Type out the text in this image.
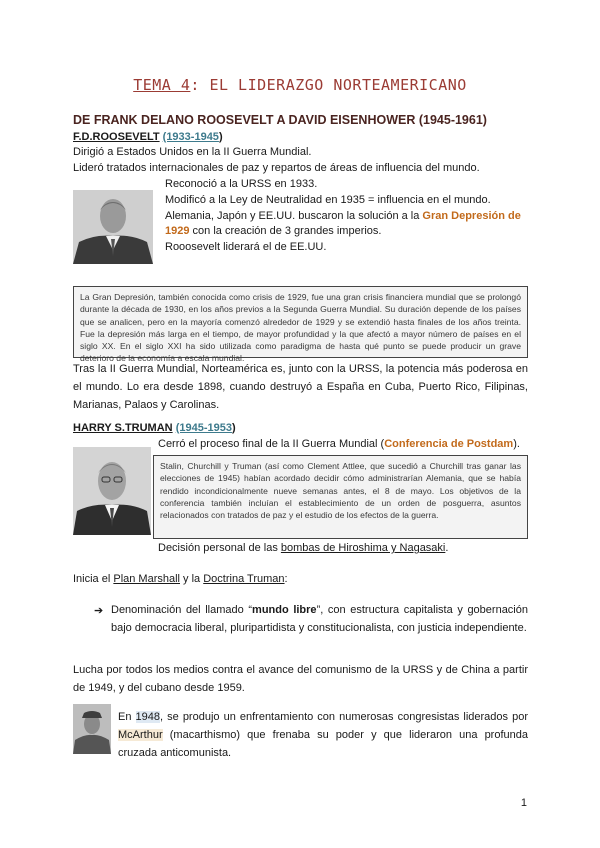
TEMA 4: EL LIDERAZGO NORTEAMERICANO
DE FRANK DELANO ROOSEVELT A DAVID EISENHOWER (1945-1961)
F.D.ROOSEVELT (1933-1945)
Dirigió a Estados Unidos en la II Guerra Mundial.
Lideró tratados internacionales de paz y repartos de áreas de influencia del mundo.
Reconoció a la URSS en 1933.
Modificó a la Ley de Neutralidad en 1935 = influencia en el mundo.
Alemania, Japón y EE.UU. buscaron la solución a la Gran Depresión de
1929 con la creación de 3 grandes imperios.
Rooosevelt liderará el de EE.UU.
La Gran Depresión, también conocida como crisis de 1929, fue una gran crisis financiera mundial que se prolongó durante la década de 1930, en los años previos a la Segunda Guerra Mundial. Su duración depende de los países que se analicen, pero en la mayoría comenzó alrededor de 1929 y se extendió hasta finales de los años treinta. Fue la depresión más larga en el tiempo, de mayor profundidad y la que afectó a mayor número de países en el siglo XX. En el siglo XXI ha sido utilizada como paradigma de hasta qué punto se puede producir un grave deterioro de la economía a escala mundial.
Tras la II Guerra Mundial, Norteamérica es, junto con la URSS, la potencia más poderosa en el mundo. Lo era desde 1898, cuando destruyó a España en Cuba, Puerto Rico, Filipinas, Marianas, Palaos y Carolinas.
HARRY S.TRUMAN (1945-1953)
Cerró el proceso final de la II Guerra Mundial (Conferencia de Postdam).
Stalin, Churchill y Truman (así como Clement Attlee, que sucedió a Churchill tras ganar las elecciones de 1945) habían acordado decidir cómo administrarían Alemania, que se había rendido incondicionalmente nueve semanas antes, el 8 de mayo. Los objetivos de la conferencia también incluían el establecimiento de un orden de posguerra, asuntos relacionados con tratados de paz y el estudio de los efectos de la guerra.
Decisión personal de las bombas de Hiroshima y Nagasaki.
Inicia el Plan Marshall y la Doctrina Truman:
➔ Denominación del llamado “mundo libre”, con estructura capitalista y gobernación bajo democracia liberal, pluripartidista y constitucionalista, con justicia independiente.
Lucha por todos los medios contra el avance del comunismo de la URSS y de China a partir de 1949, y del cubano desde 1959.
En 1948, se produjo un enfrentamiento con numerosas congresistas liderados por McArthur (macarthismo) que frenaba su poder y que lideraron una profunda cruzada anticomunista.
1
